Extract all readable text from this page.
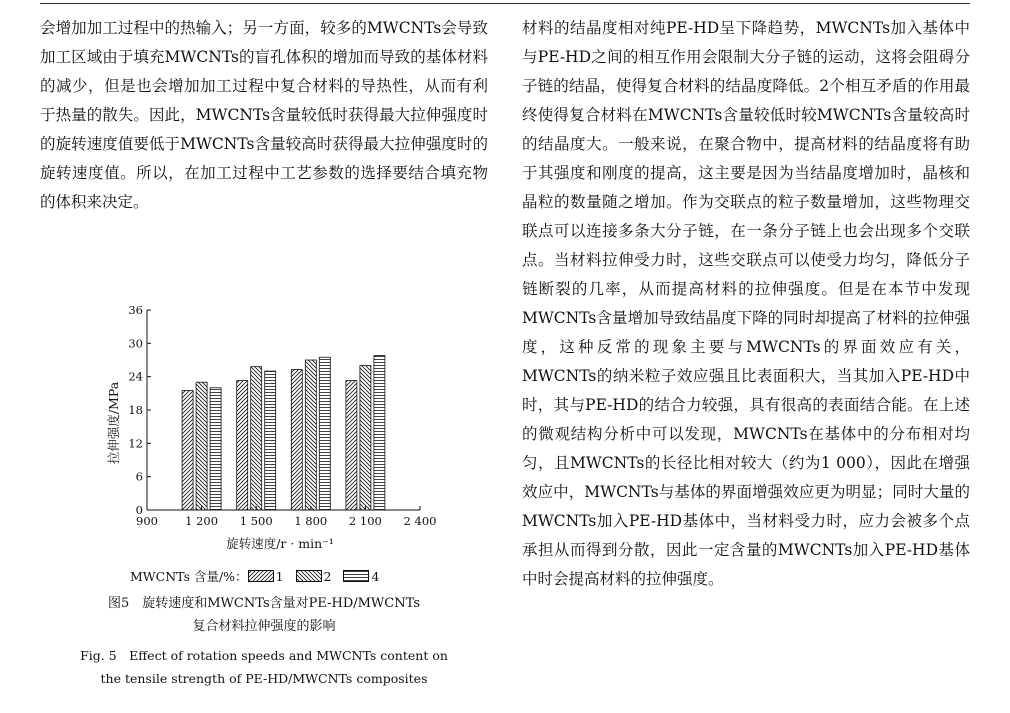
会增加加工过程中的热输入；另一方面，较多的MWCNTs会导致加工区域由于填充MWCNTs的盲孔体积的增加而导致的基体材料的减少，但是也会增加加工过程中复合材料的导热性，从而有利于热量的散失。因此，MWCNTs含量较低时获得最大拉伸强度时的旋转速度值要低于MWCNTs含量较高时获得最大拉伸强度时的旋转速度值。所以，在加工过程中工艺参数的选择要结合填充物的体积来决定。

0
6
12
18
24
30
36
900 1 200 1 500 1 800 2 100 2 400
拉伸强度/MPa
旋转速度/r · min⁻¹
MWCNTs 含量/%： 1	2	4
图5　旋转速度和MWCNTs含量对PE-HD/MWCNTs
复合材料拉伸强度的影响
Fig. 5　Effect of rotation speeds and MWCNTs content on
the tensile strength of PE-HD/MWCNTs composites

材料的结晶度相对纯PE-HD呈下降趋势，MWCNTs加入基体中与PE-HD之间的相互作用会限制大分子链的运动，这将会阻碍分子链的结晶，使得复合材料的结晶度降低。2个相互矛盾的作用最终使得复合材料在MWCNTs含量较低时较MWCNTs含量较高时的结晶度大。一般来说，在聚合物中，提高材料的结晶度将有助于其强度和刚度的提高，这主要是因为当结晶度增加时，晶核和晶粒的数量随之增加。作为交联点的粒子数量增加，这些物理交联点可以连接多条大分子链，在一条分子链上也会出现多个交联点。当材料拉伸受力时，这些交联点可以使受力均匀，降低分子链断裂的几率，从而提高材料的拉伸强度。但是在本节中发现MWCNTs含量增加导致结晶度下降的同时却提高了材料的拉伸强度，这种反常的现象主要与MWCNTs的界面效应有关，MWCNTs的纳米粒子效应强且比表面积大，当其加入PE-HD中时，其与PE-HD的结合力较强，具有很高的表面结合能。在上述的微观结构分析中可以发现，MWCNTs在基体中的分布相对均匀，且MWCNTs的长径比相对较大（约为1 000），因此在增强效应中，MWCNTs与基体的界面增强效应更为明显；同时大量的MWCNTs加入PE-HD基体中，当材料受力时，应力会被多个点承担从而得到分散，因此一定含量的MWCNTs加入PE-HD基体中时会提高材料的拉伸强度。
